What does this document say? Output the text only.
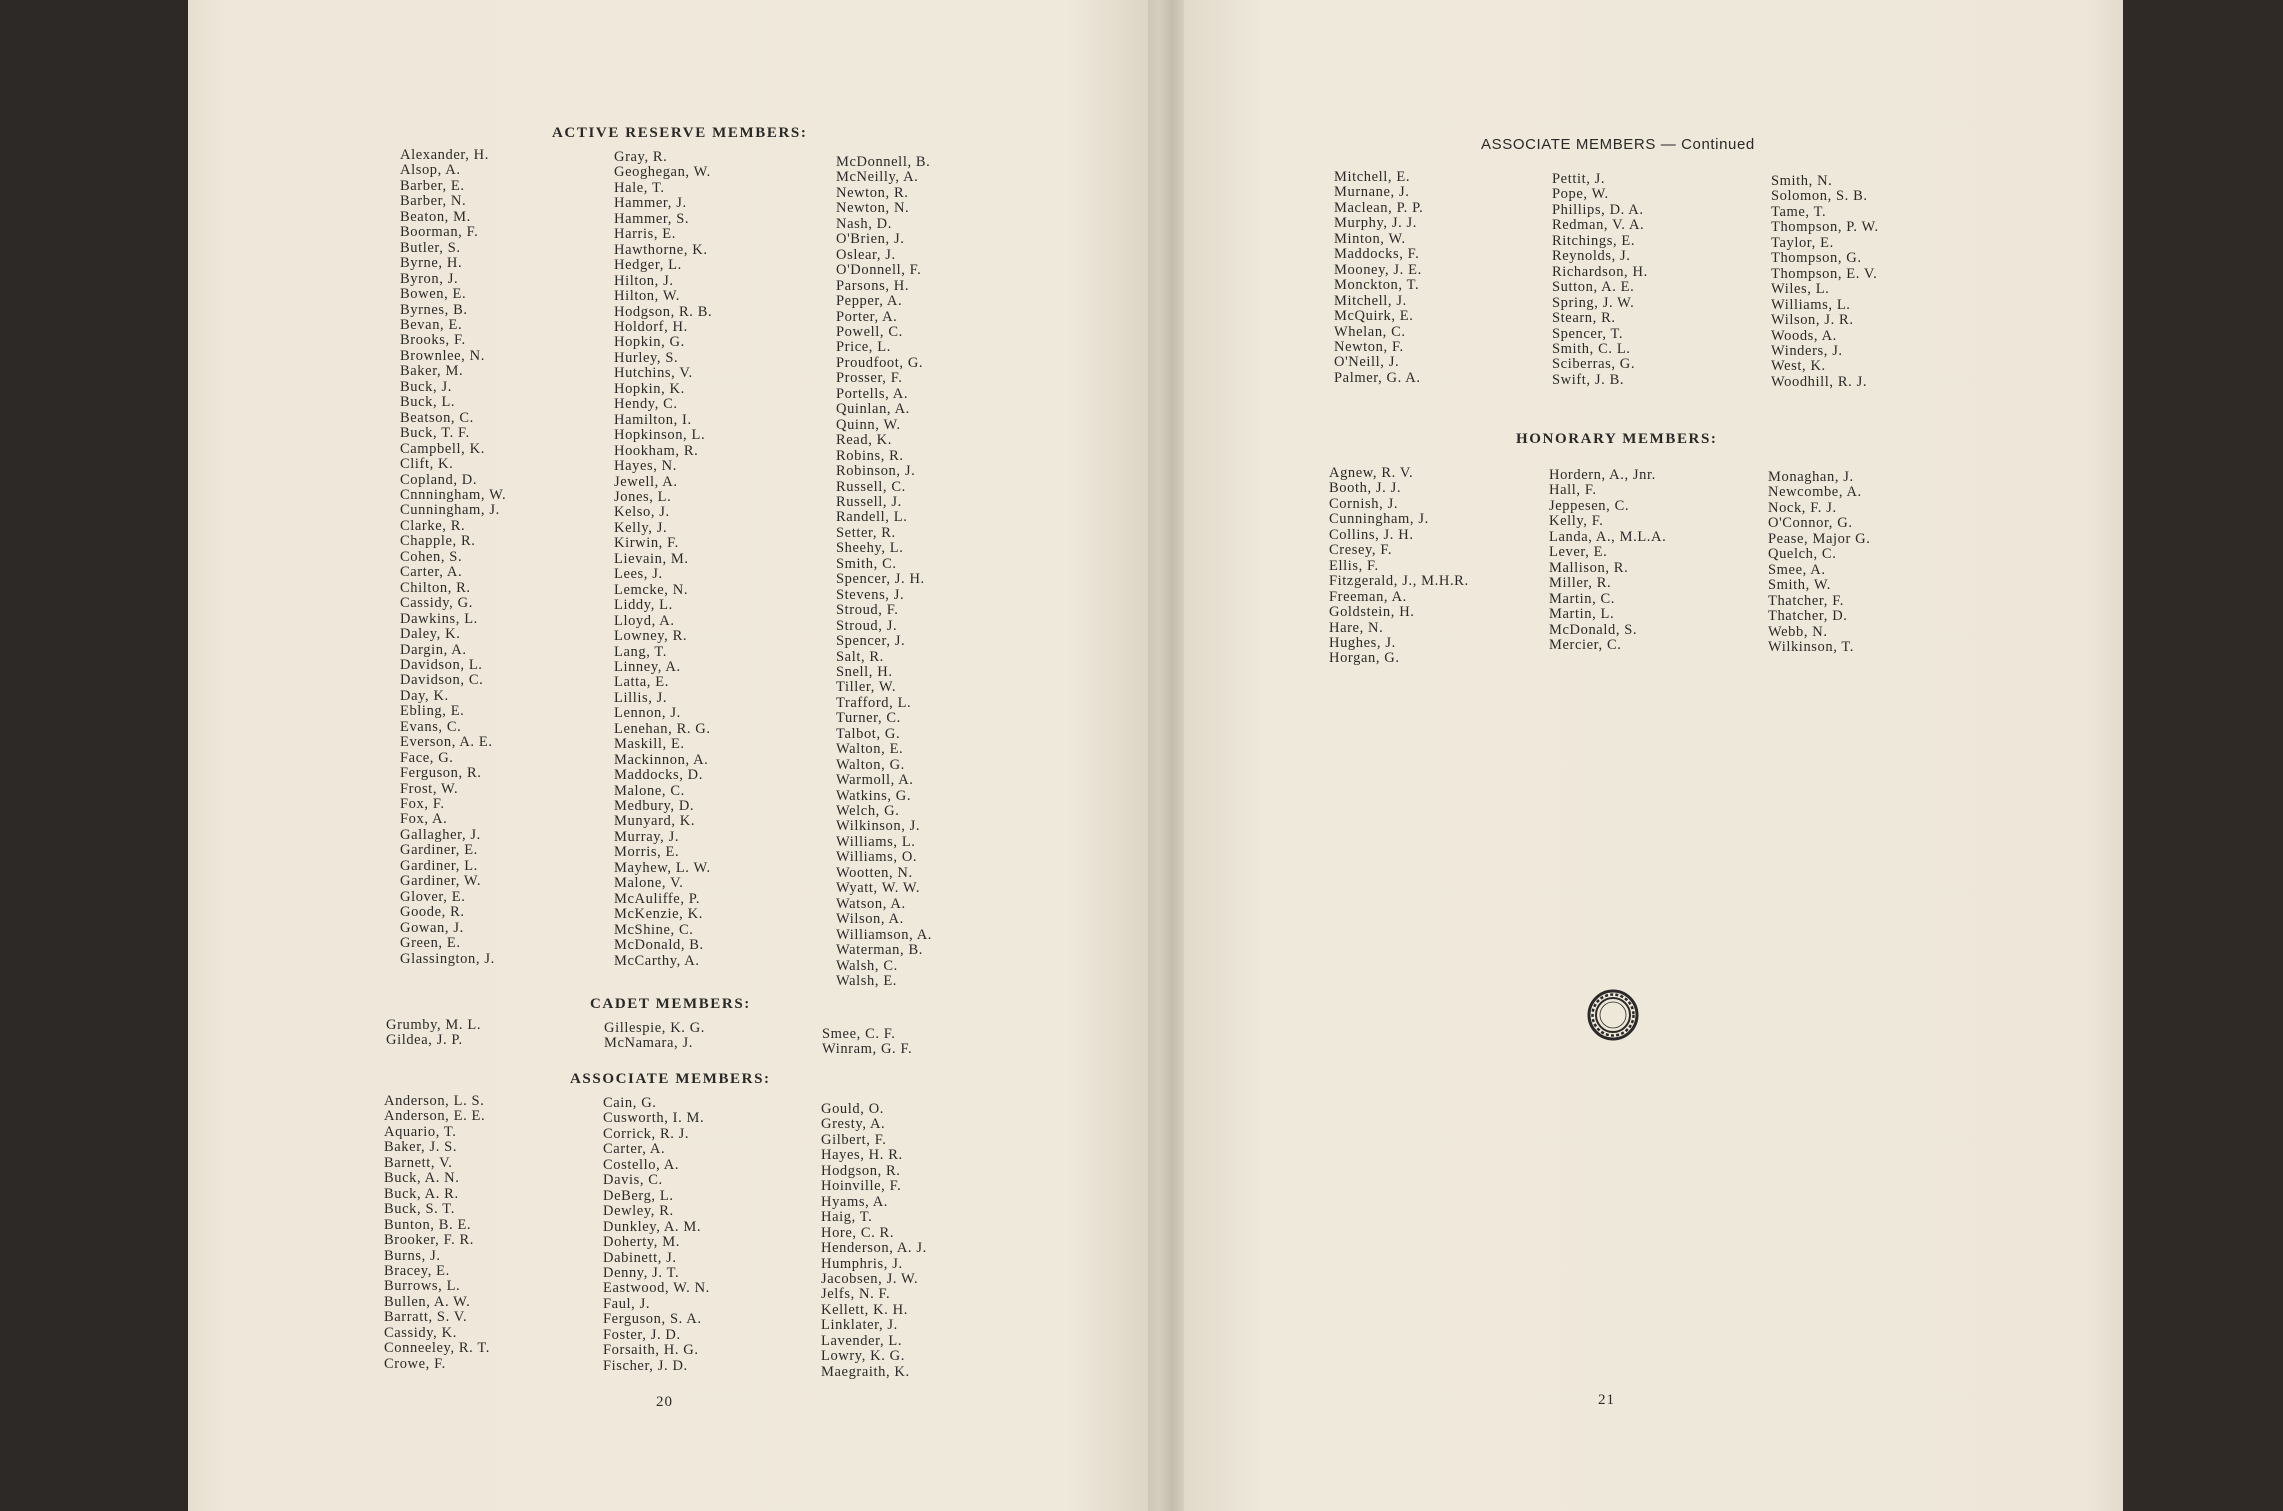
ACTIVE RESERVE MEMBERS:
Alexander, H.
Alsop, A.
Barber, E.
Barber, N.
Beaton, M.
Boorman, F.
Butler, S.
Byrne, H.
Byron, J.
Bowen, E.
Byrnes, B.
Bevan, E.
Brooks, F.
Brownlee, N.
Baker, M.
Buck, J.
Buck, L.
Beatson, C.
Buck, T. F.
Campbell, K.
Clift, K.
Copland, D.
Cnnningham, W.
Cunningham, J.
Clarke, R.
Chapple, R.
Cohen, S.
Carter, A.
Chilton, R.
Cassidy, G.
Dawkins, L.
Daley, K.
Dargin, A.
Davidson, L.
Davidson, C.
Day, K.
Ebling, E.
Evans, C.
Everson, A. E.
Face, G.
Ferguson, R.
Frost, W.
Fox, F.
Fox, A.
Gallagher, J.
Gardiner, E.
Gardiner, L.
Gardiner, W.
Glover, E.
Goode, R.
Gowan, J.
Green, E.
Glassington, J.
Gray, R.
Geoghegan, W.
Hale, T.
Hammer, J.
Hammer, S.
Harris, E.
Hawthorne, K.
Hedger, L.
Hilton, J.
Hilton, W.
Hodgson, R. B.
Holdorf, H.
Hopkin, G.
Hurley, S.
Hutchins, V.
Hopkin, K.
Hendy, C.
Hamilton, I.
Hopkinson, L.
Hookham, R.
Hayes, N.
Jewell, A.
Jones, L.
Kelso, J.
Kelly, J.
Kirwin, F.
Lievain, M.
Lees, J.
Lemcke, N.
Liddy, L.
Lloyd, A.
Lowney, R.
Lang, T.
Linney, A.
Latta, E.
Lillis, J.
Lennon, J.
Lenehan, R. G.
Maskill, E.
Mackinnon, A.
Maddocks, D.
Malone, C.
Medbury, D.
Munyard, K.
Murray, J.
Morris, E.
Mayhew, L. W.
Malone, V.
McAuliffe, P.
McKenzie, K.
McShine, C.
McDonald, B.
McCarthy, A.
McDonnell, B.
McNeilly, A.
Newton, R.
Newton, N.
Nash, D.
O'Brien, J.
Oslear, J.
O'Donnell, F.
Parsons, H.
Pepper, A.
Porter, A.
Powell, C.
Price, L.
Proudfoot, G.
Prosser, F.
Portells, A.
Quinlan, A.
Quinn, W.
Read, K.
Robins, R.
Robinson, J.
Russell, C.
Russell, J.
Randell, L.
Setter, R.
Sheehy, L.
Smith, C.
Spencer, J. H.
Stevens, J.
Stroud, F.
Stroud, J.
Spencer, J.
Salt, R.
Snell, H.
Tiller, W.
Trafford, L.
Turner, C.
Talbot, G.
Walton, E.
Walton, G.
Warmoll, A.
Watkins, G.
Welch, G.
Wilkinson, J.
Williams, L.
Williams, O.
Wootten, N.
Wyatt, W. W.
Watson, A.
Wilson, A.
Williamson, A.
Waterman, B.
Walsh, C.
Walsh, E.
CADET MEMBERS:
Grumby, M. L.
Gildea, J. P.
Gillespie, K. G.
McNamara, J.
Smee, C. F.
Winram, G. F.
ASSOCIATE MEMBERS:
Anderson, L. S.
Anderson, E. E.
Aquario, T.
Baker, J. S.
Barnett, V.
Buck, A. N.
Buck, A. R.
Buck, S. T.
Bunton, B. E.
Brooker, F. R.
Burns, J.
Bracey, E.
Burrows, L.
Bullen, A. W.
Barratt, S. V.
Cassidy, K.
Conneeley, R. T.
Crowe, F.
Cain, G.
Cusworth, I. M.
Corrick, R. J.
Carter, A.
Costello, A.
Davis, C.
DeBerg, L.
Dewley, R.
Dunkley, A. M.
Doherty, M.
Dabinett, J.
Denny, J. T.
Eastwood, W. N.
Faul, J.
Ferguson, S. A.
Foster, J. D.
Forsaith, H. G.
Fischer, J. D.
Gould, O.
Gresty, A.
Gilbert, F.
Hayes, H. R.
Hodgson, R.
Hoinville, F.
Hyams, A.
Haig, T.
Hore, C. R.
Henderson, A. J.
Humphris, J.
Jacobsen, J. W.
Jelfs, N. F.
Kellett, K. H.
Linklater, J.
Lavender, L.
Lowry, K. G.
Maegraith, K.
20
ASSOCIATE MEMBERS — Continued
Mitchell, E.
Murnane, J.
Maclean, P. P.
Murphy, J. J.
Minton, W.
Maddocks, F.
Mooney, J. E.
Monckton, T.
Mitchell, J.
McQuirk, E.
Whelan, C.
Newton, F.
O'Neill, J.
Palmer, G. A.
Pettit, J.
Pope, W.
Phillips, D. A.
Redman, V. A.
Ritchings, E.
Reynolds, J.
Richardson, H.
Sutton, A. E.
Spring, J. W.
Stearn, R.
Spencer, T.
Smith, C. L.
Sciberras, G.
Swift, J. B.
Smith, N.
Solomon, S. B.
Tame, T.
Thompson, P. W.
Taylor, E.
Thompson, G.
Thompson, E. V.
Wiles, L.
Williams, L.
Wilson, J. R.
Woods, A.
Winders, J.
West, K.
Woodhill, R. J.
HONORARY MEMBERS:
Agnew, R. V.
Booth, J. J.
Cornish, J.
Cunningham, J.
Collins, J. H.
Cresey, F.
Ellis, F.
Fitzgerald, J., M.H.R.
Freeman, A.
Goldstein, H.
Hare, N.
Hughes, J.
Horgan, G.
Hordern, A., Jnr.
Hall, F.
Jeppesen, C.
Kelly, F.
Landa, A., M.L.A.
Lever, E.
Mallison, R.
Miller, R.
Martin, C.
Martin, L.
McDonald, S.
Mercier, C.
Monaghan, J.
Newcombe, A.
Nock, F. J.
O'Connor, G.
Pease, Major G.
Quelch, C.
Smee, A.
Smith, W.
Thatcher, F.
Thatcher, D.
Webb, N.
Wilkinson, T.
21
